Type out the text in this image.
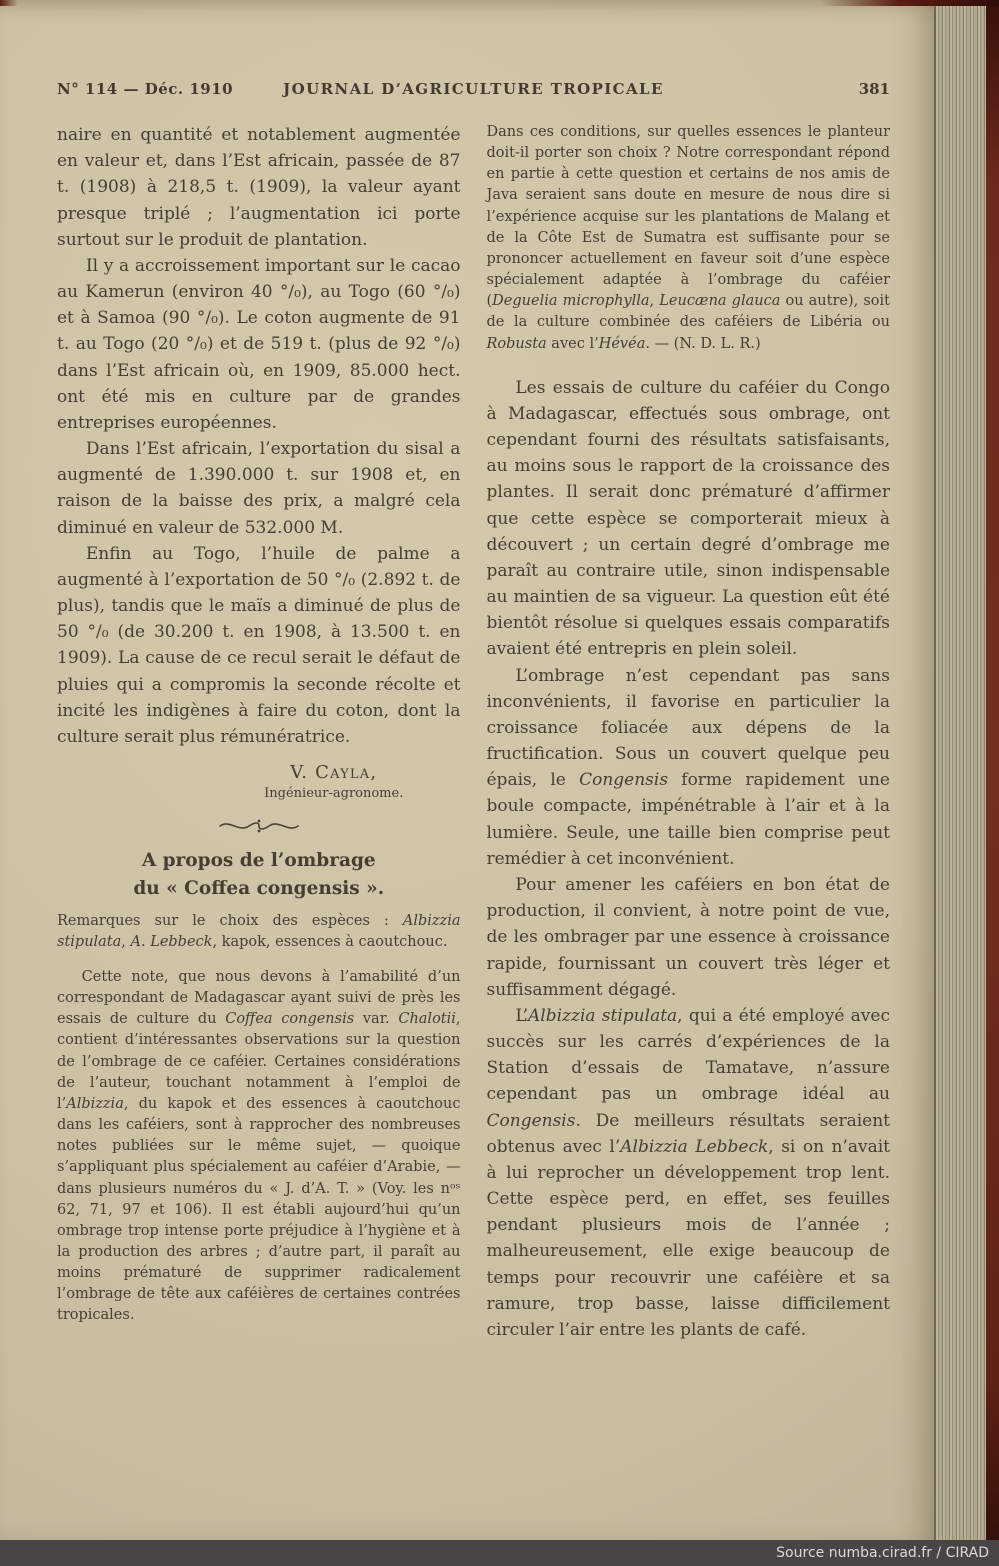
N° 114 — Déc. 1910	JOURNAL D’AGRICULTURE TROPICALE	381

naire en quantité et notablement augmentée en valeur et, dans l’Est africain, passée de 87 t. (1908) à 218,5 t. (1909), la valeur ayant presque triplé ; l’augmentation ici porte surtout sur le produit de plantation.

Il y a accroissement important sur le cacao au Kamerun (environ 40 °/₀), au Togo (60 °/₀) et à Samoa (90 °/₀). Le coton augmente de 91 t. au Togo (20 °/₀) et de 519 t. (plus de 92 °/₀) dans l’Est africain où, en 1909, 85.000 hect. ont été mis en culture par de grandes entreprises européennes.

Dans l’Est africain, l’exportation du sisal a augmenté de 1.390.000 t. sur 1908 et, en raison de la baisse des prix, a malgré cela diminué en valeur de 532.000 M.

Enfin au Togo, l’huile de palme a augmenté à l’exportation de 50 °/₀ (2.892 t. de plus), tandis que le maïs a diminué de plus de 50 °/₀ (de 30.200 t. en 1908, à 13.500 t. en 1909). La cause de ce recul serait le défaut de pluies qui a compromis la seconde récolte et incité les indigènes à faire du coton, dont la culture serait plus rémunératrice.

V. Cayla,
Ingénieur-agronome.
A propos de l’ombrage
du « Coffea congensis ».

Remarques sur le choix des espèces : Albizzia stipulata, A. Lebbeck, kapok, essences à caoutchouc.

Cette note, que nous devons à l’amabilité d’un correspondant de Madagascar ayant suivi de près les essais de culture du Coffea congensis var. Chalotii, contient d’intéressantes observations sur la question de l’ombrage de ce caféier. Certaines considérations de l’auteur, touchant notamment à l’emploi de l’Albizzia, du kapok et des essences à caoutchouc dans les caféiers, sont à rapprocher des nombreuses notes publiées sur le même sujet, — quoique s’appliquant plus spécialement au caféier d’Arabie, — dans plusieurs numéros du « J. d’A. T. » (Voy. les nᵒˢ 62, 71, 97 et 106). Il est établi aujourd’hui qu’un ombrage trop intense porte préjudice à l’hygiène et à la production des arbres ; d’autre part, il paraît au moins prématuré de supprimer radicalement l’ombrage de tête aux caféières de certaines contrées tropicales.

Dans ces conditions, sur quelles essences le planteur doit-il porter son choix ? Notre correspondant répond en partie à cette question et certains de nos amis de Java seraient sans doute en mesure de nous dire si l’expérience acquise sur les plantations de Malang et de la Côte Est de Sumatra est suffisante pour se prononcer actuellement en faveur soit d’une espèce spécialement adaptée à l’ombrage du caféier (Deguelia microphylla, Leucæna glauca ou autre), soit de la culture combinée des caféiers de Libéria ou Robusta avec l’Hévéa. — (N. D. L. R.)

Les essais de culture du caféier du Congo à Madagascar, effectués sous ombrage, ont cependant fourni des résultats satisfaisants, au moins sous le rapport de la croissance des plantes. Il serait donc prématuré d’affirmer que cette espèce se comporterait mieux à découvert ; un certain degré d’ombrage me paraît au contraire utile, sinon indispensable au maintien de sa vigueur. La question eût été bientôt résolue si quelques essais comparatifs avaient été entrepris en plein soleil.

L’ombrage n’est cependant pas sans inconvénients, il favorise en particulier la croissance foliacée aux dépens de la fructification. Sous un couvert quelque peu épais, le Congensis forme rapidement une boule compacte, impénétrable à l’air et à la lumière. Seule, une taille bien comprise peut remédier à cet inconvénient.

Pour amener les caféiers en bon état de production, il convient, à notre point de vue, de les ombrager par une essence à croissance rapide, fournissant un couvert très léger et suffisamment dégagé.

L’Albizzia stipulata, qui a été employé avec succès sur les carrés d’expériences de la Station d’essais de Tamatave, n’assure cependant pas un ombrage idéal au Congensis. De meilleurs résultats seraient obtenus avec l’Albizzia Lebbeck, si on n’avait à lui reprocher un développement trop lent. Cette espèce perd, en effet, ses feuilles pendant plusieurs mois de l’année ; malheureusement, elle exige beaucoup de temps pour recouvrir une caféière et sa ramure, trop basse, laisse difficilement circuler l’air entre les plants de café.

Source numba.cirad.fr / CIRAD
